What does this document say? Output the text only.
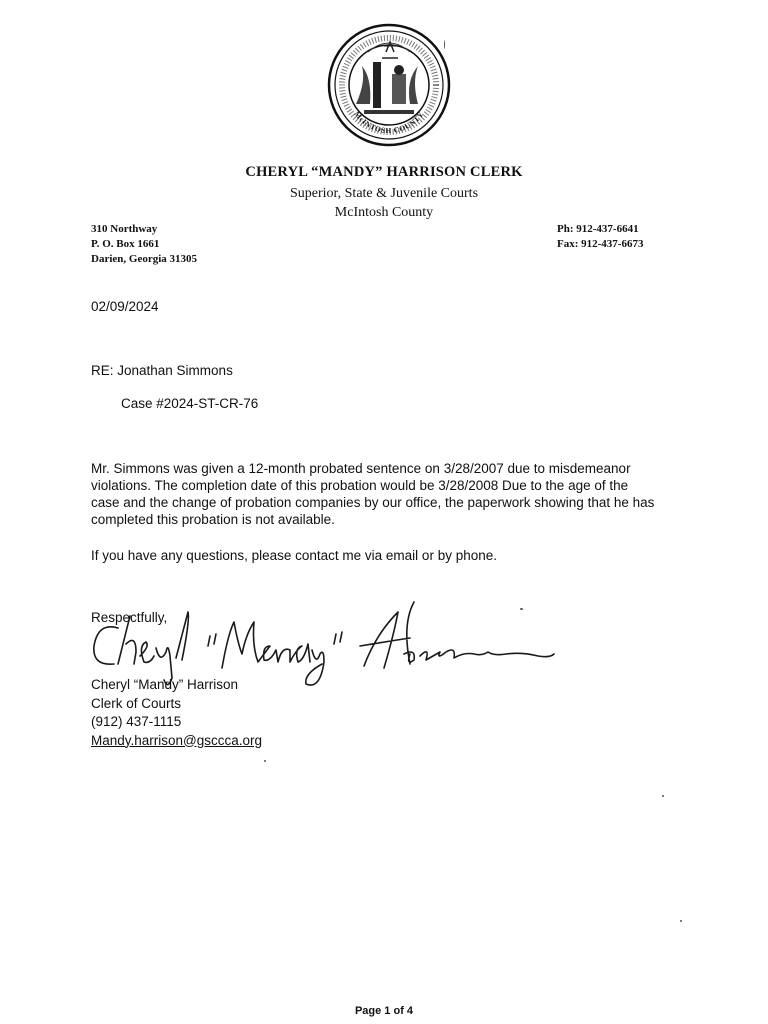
McINTOSH COUNTY
CHERYL “MANDY” HARRISON CLERK
Superior, State & Juvenile Courts
McIntosh County
310 Northway
P. O. Box 1661
Darien, Georgia 31305
Ph: 912-437-6641
Fax: 912-437-6673
02/09/2024
RE: Jonathan Simmons
Case #2024-ST-CR-76
Mr. Simmons was given a 12-month probated sentence on 3/28/2007 due to misdemeanor
violations. The completion date of this probation would be 3/28/2008 Due to the age of the
case and the change of probation companies by our office, the paperwork showing that he has
completed this probation is not available.
If you have any questions, please contact me via email or by phone.
Respectfully,
Cheryl “Mandy” Harrison
Clerk of Courts
(912) 437-1115
Mandy.harrison@gsccca.org
Page 1 of 4
